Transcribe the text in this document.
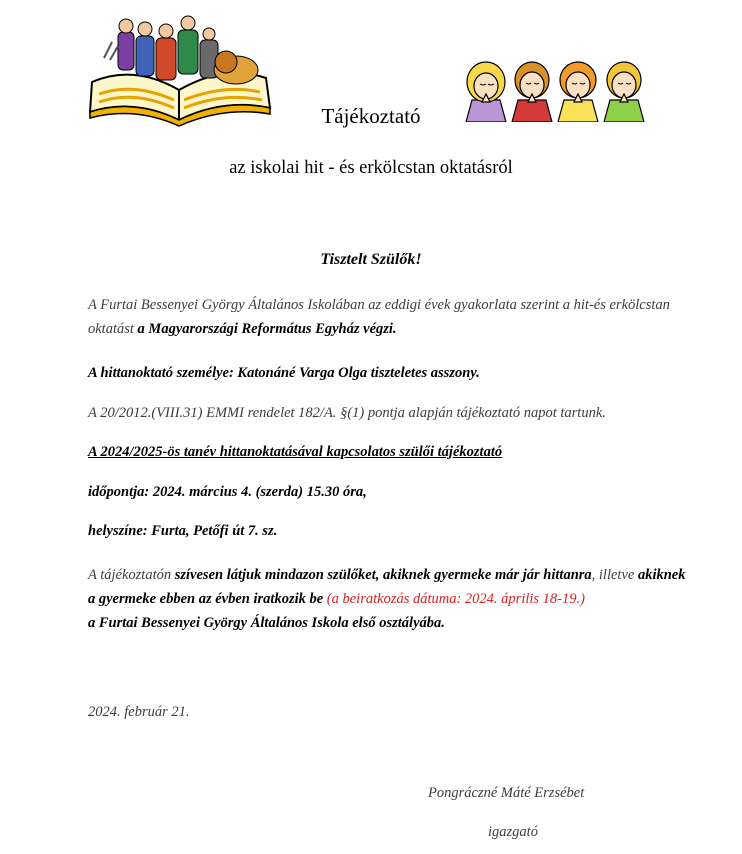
Tájékoztató
az iskolai hit - és erkölcstan oktatásról
Tisztelt Szülők!
A Furtai Bessenyei György Általános Iskolában az eddigi évek gyakorlata szerint a hit-és erkölcstan oktatást a Magyarországi Református Egyház végzi.
A hittanoktató személye: Katonáné Varga Olga tiszteletes asszony.
A 20/2012.(VIII.31) EMMI rendelet 182/A. §(1) pontja alapján tájékoztató napot tartunk.
A 2024/2025-ös tanév hittanoktatásával kapcsolatos szülői tájékoztató
időpontja: 2024. március 4. (szerda) 15.30 óra,
helyszíne: Furta, Petőfi út 7. sz.
A tájékoztatón szívesen látjuk mindazon szülőket, akiknek gyermeke már jár hittanra, illetve akiknek a gyermeke ebben az évben iratkozik be (a beiratkozás dátuma: 2024. április 18-19.)
a Furtai Bessenyei György Általános Iskola első osztályába.
2024. február 21.
Pongráczné Máté Erzsébet
igazgató
